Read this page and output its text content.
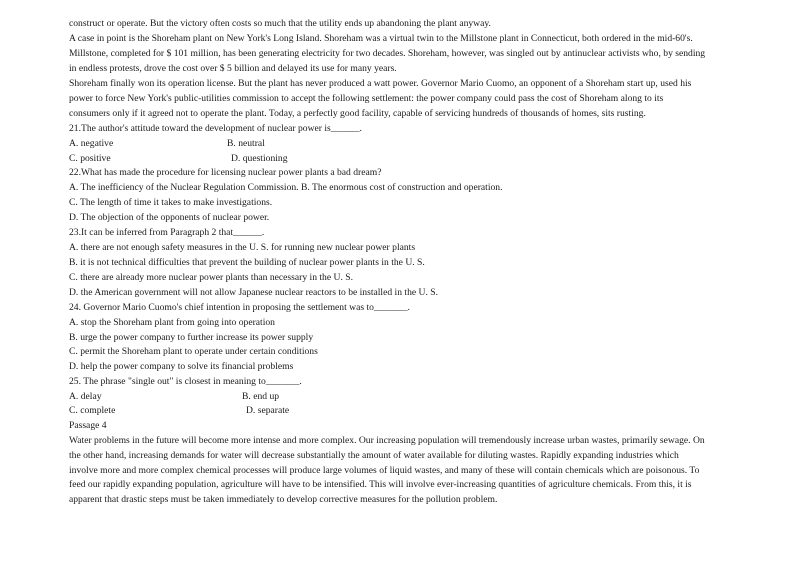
construct or operate. But the victory often costs so much that the utility ends up abandoning the plant anyway.
A case in point is the Shoreham plant on New York's Long Island. Shoreham was a virtual twin to the Millstone plant in Connecticut, both ordered in the mid-60's.
Millstone, completed for $ 101 million, has been generating electricity for two decades. Shoreham, however, was singled out by antinuclear activists who, by sending
in endless protests, drove the cost over $ 5 billion and delayed its use for many years.
Shoreham finally won its operation license. But the plant has never produced a watt power. Governor Mario Cuomo, an opponent of a Shoreham start up, used his
power to force New York's public-utilities commission to accept the following settlement: the power company could pass the cost of Shoreham along to its
consumers only if it agreed not to operate the plant. Today, a perfectly good facility, capable of servicing hundreds of thousands of homes, sits rusting.
21.The author's attitude toward the development of nuclear power is______.
A. negative	B. neutral
C. positive	D. questioning
22.What has made the procedure for licensing nuclear power plants a bad dream?
A. The inefficiency of the Nuclear Regulation Commission. B. The enormous cost of construction and operation.
C. The length of time it takes to make investigations.
D. The objection of the opponents of nuclear power.
23.It can be inferred from Paragraph 2 that______.
A. there are not enough safety measures in the U. S. for running new nuclear power plants
B. it is not technical difficulties that prevent the building of nuclear power plants in the U. S.
C. there are already more nuclear power plants than necessary in the U. S.
D. the American government will not allow Japanese nuclear reactors to be installed in the U. S.
24. Governor Mario Cuomo's chief intention in proposing the settlement was to_______.
A. stop the Shoreham plant from going into operation
B. urge the power company to further increase its power supply
C. permit the Shoreham plant to operate under certain conditions
D. help the power company to solve its financial problems
25. The phrase "single out" is closest in meaning to_______.
A. delay	B. end up
C. complete	D. separate
Passage 4
Water problems in the future will become more intense and more complex. Our increasing population will tremendously increase urban wastes, primarily sewage. On
the other hand, increasing demands for water will decrease substantially the amount of water available for diluting wastes. Rapidly expanding industries which
involve more and more complex chemical processes will produce large volumes of liquid wastes, and many of these will contain chemicals which are poisonous. To
feed our rapidly expanding population, agriculture will have to be intensified. This will involve ever-increasing quantities of agriculture chemicals. From this, it is
apparent that drastic steps must be taken immediately to develop corrective measures for the pollution problem.
